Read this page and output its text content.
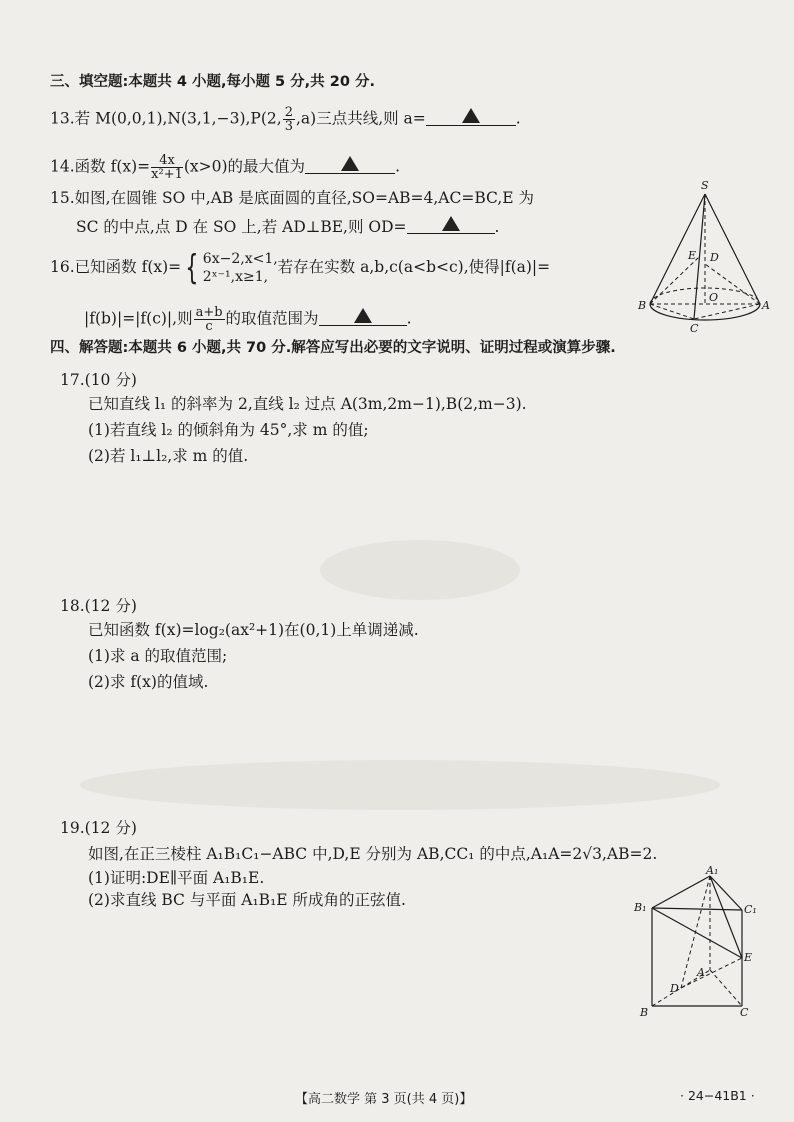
三、填空题:本题共 4 小题,每小题 5 分,共 20 分.
13.若 M(0,0,1),N(3,1,−3),P(2, $\frac{2}{3} ,a$)三点共线,则 a=	.
14.函数 $f(x)= \frac{4x}{\text{x²+1}} (x>0)$的最大值为	.
15.如图,在圆锥 SO 中,AB 是底面圆的直径,SO=AB=4,AC=BC,E 为
SC 的中点,点 D 在 SO 上,若 AD⊥BE,则 OD=	.
16.已知函数 f(x)= { 6x−2,x<1,
2ˣ⁻¹,x≥1,
若存在实数 a,b,c(a<b<c),使得|f(a)|=
|f(b)|=|f(c)|,则 $\frac{a+b}{c}$ 的取值范围为	.
S
E D
B
O
A
C
四、解答题:本题共 6 小题,共 70 分.解答应写出必要的文字说明、证明过程或演算步骤.
17.(10 分)
已知直线 l₁ 的斜率为 2,直线 l₂ 过点 A(3m,2m−1),B(2,m−3).
(1)若直线 l₂ 的倾斜角为 45°,求 m 的值;
(2)若 l₁⊥l₂,求 m 的值.
18.(12 分)
已知函数 f(x)=log₂(ax²+1)在(0,1)上单调递减.
(1)求 a 的取值范围;
(2)求 f(x)的值域.
19.(12 分)
如图,在正三棱柱 A₁B₁C₁−ABC 中,D,E 分别为 AB,CC₁ 的中点,A₁A=2√3,AB=2.
(1)证明:DE∥平面 A₁B₁E.
(2)求直线 BC 与平面 A₁B₁E 所成角的正弦值.
A₁
B₁	C₁
E
A
D
B	C
【高二数学 第 3 页(共 4 页)】	· 24−41B1 ·
